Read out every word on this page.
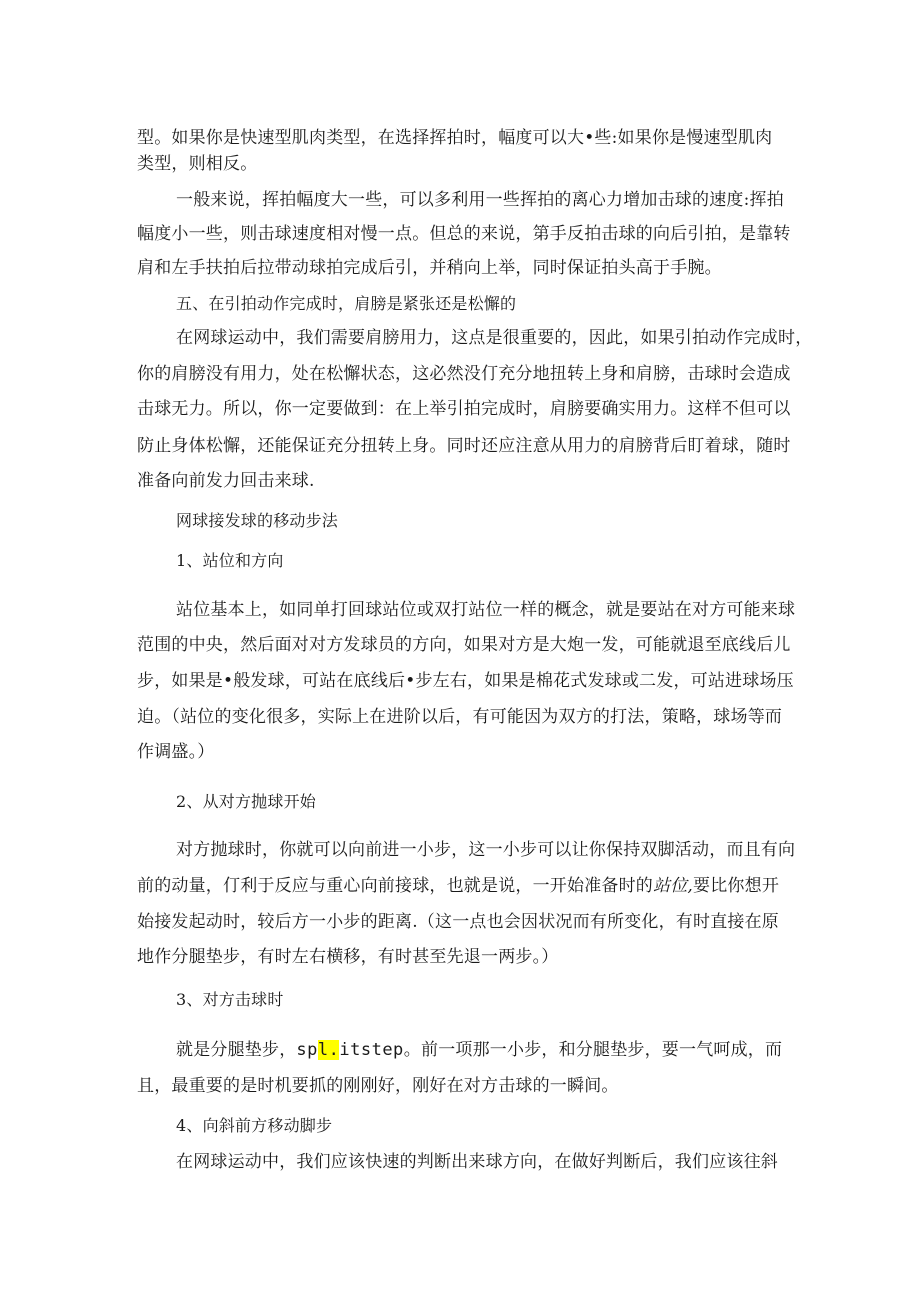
型。如果你是快速型肌肉类型，在选择挥拍时，幅度可以大•些:如果你是慢速型肌肉
类型，则相反。
一般来说，挥拍幅度大一些，可以多利用一些挥拍的离心力增加击球的速度:挥拍
幅度小一些，则击球速度相对慢一点。但总的来说，第手反拍击球的向后引拍，是靠转
肩和左手扶拍后拉带动球拍完成后引，并稍向上举，同时保证拍头高于手腕。
五、在引拍动作完成时，肩膀是紧张还是松懈的
在网球运动中，我们需要肩膀用力，这点是很重要的，因此，如果引拍动作完成时，
你的肩膀没有用力，处在松懈状态，这必然没仃充分地扭转上身和肩膀，击球时会造成
击球无力。所以，你一定要做到：在上举引拍完成时，肩膀要确实用力。这样不但可以
防止身体松懈，还能保证充分扭转上身。同时还应注意从用力的肩膀背后盯着球，随时
准备向前发力回击来球.
网球接发球的移动步法
1、站位和方向
站位基本上，如同单打回球站位或双打站位一样的概念，就是要站在对方可能来球
范围的中央，然后面对对方发球员的方向，如果对方是大炮一发，可能就退至底线后儿
步，如果是•般发球，可站在底线后•步左右，如果是棉花式发球或二发，可站进球场压
迫。（站位的变化很多，实际上在进阶以后，有可能因为双方的打法，策略，球场等而
作调盛。）
2、从对方抛球开始
对方抛球时，你就可以向前进一小步，这一小步可以让你保持双脚活动，而且有向
前的动量，仃利于反应与重心向前接球，也就是说，一开始准备时的站位,要比你想开
始接发起动时，较后方一小步的距离.（这一点也会因状况而有所变化，有时直接在原
地作分腿垫步，有时左右横移，有时甚至先退一两步。）
3、对方击球时
就是分腿垫步，spl.itstep。前一项那一小步，和分腿垫步，要一气呵成，而
且，最重要的是时机要抓的刚刚好，刚好在对方击球的一瞬间。
4、向斜前方移动脚步
在网球运动中，我们应该快速的判断出来球方向，在做好判断后，我们应该往斜
